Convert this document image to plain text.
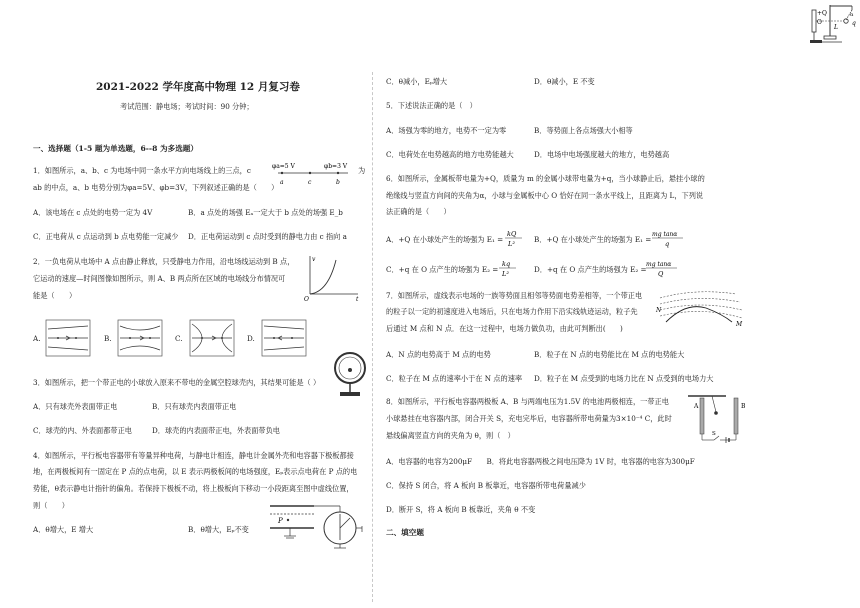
+Q
O
L
α
q
2021-2022 学年度高中物理 12 月复习卷
考试范围：静电场；考试时间：90 分钟；
一、选择题（1-5 题为单选题，6--8 为多选题）
1．如图所示，a、b、c 为电场中同一条水平方向电场线上的三点，c	为
ab 的中点，a、b 电势分别为φa=5V、φb=3V，下列叙述正确的是（　　）
φa=5 V	φb=3 V
a	c	b
A．该电场在 c 点处的电势一定为 4V	B．a 点处的场强 Eₐ一定大于 b 点处的场强 E_b
C．正电荷从 c 点运动到 b 点电势能一定减少 D．正电荷运动到 c 点时受到的静电力由 c 指向 a
2．一负电荷从电场中 A 点由静止释放，只受静电力作用，沿电场线运动到 B 点，
它运动的速度—时间图像如图所示，则 A、B 两点所在区域的电场线分布情况可
能是（　　）
v
t
O
A.	B.	C.	D.
3．如图所示，把一个带正电的小球放入原来不带电的金属空腔球壳内，其结果可能是（ ）
A．只有球壳外表面带正电	B．只有球壳内表面带正电
C．球壳的内、外表面都带正电	D．球壳的内表面带正电，外表面带负电
4．如图所示，平行板电容器带有等量异种电荷，与静电计相连，静电计金属外壳和电容器下极板都接
地，在两极板间有一固定在 P 点的点电荷，以 E 表示两极板间的电场强度，Eₚ表示点电荷在 P 点的电
势能，θ表示静电计指针的偏角。若保持下极板不动，将上极板向下移动一小段距离至图中虚线位置，
则（　　）
P
A．θ增大，E 增大	B．θ增大，Eₚ不变
C．θ减小，Eₚ增大	D．θ减小，E 不变
5．下述说法正确的是（　）
A．场强为零的地方，电势不一定为零	B．等势面上各点场强大小相等
C．电荷处在电势越高的地方电势能越大	D．电场中电场强度越大的地方，电势越高
6．如图所示，金属板带电量为+Q，质量为 m 的金属小球带电量为+q，当小球静止后，悬挂小球的
绝缘线与竖直方向间的夹角为α，小球与金属板中心 O 恰好在同一条水平线上，且距离为 L，下列说
法正确的是（　　）
A．+Q 在小球处产生的场强为 E₁ =
kQ
L²	B．+Q 在小球处产生的场强为 E₁ =
mg tanα
q
C．+q 在 O 点产生的场强为 E₂ =
kq
L²	D．+q 在 O 点产生的场强为 E₂ =
mg tanα
Q
7．如图所示，虚线表示电场的一族等势面且相邻等势面电势差相等，一个带正电
的粒子以一定的初速度进入电场后，只在电场力作用下沿实线轨迹运动，粒子先
后通过 M 点和 N 点．在这一过程中，电场力做负功，由此可判断出(　　)
N
M
A．N 点的电势高于 M 点的电势	B．粒子在 N 点的电势能比在 M 点的电势能大
C．粒子在 M 点的速率小于在 N 点的速率 D．粒子在 M 点受到的电场力比在 N 点受到的电场力大
8．如图所示，平行板电容器两极板 A、B 与两端电压为1.5V 的电池两极相连，一带正电
小球悬挂在电容器内部，闭合开关 S，充电完毕后，电容器所带电荷量为3×10⁻⁴ C，此时
悬线偏离竖直方向的夹角为 θ，则（　）
A	B
S
A．电容器的电容为200μF　　B．将此电容器两极之间电压降为 1V 时，电容器的电容为300μF
C．保持 S 闭合，将 A 板向 B 板靠近，电容器所带电荷量减少
D．断开 S，将 A 板向 B 板靠近，夹角 θ 不变
二、填空题
